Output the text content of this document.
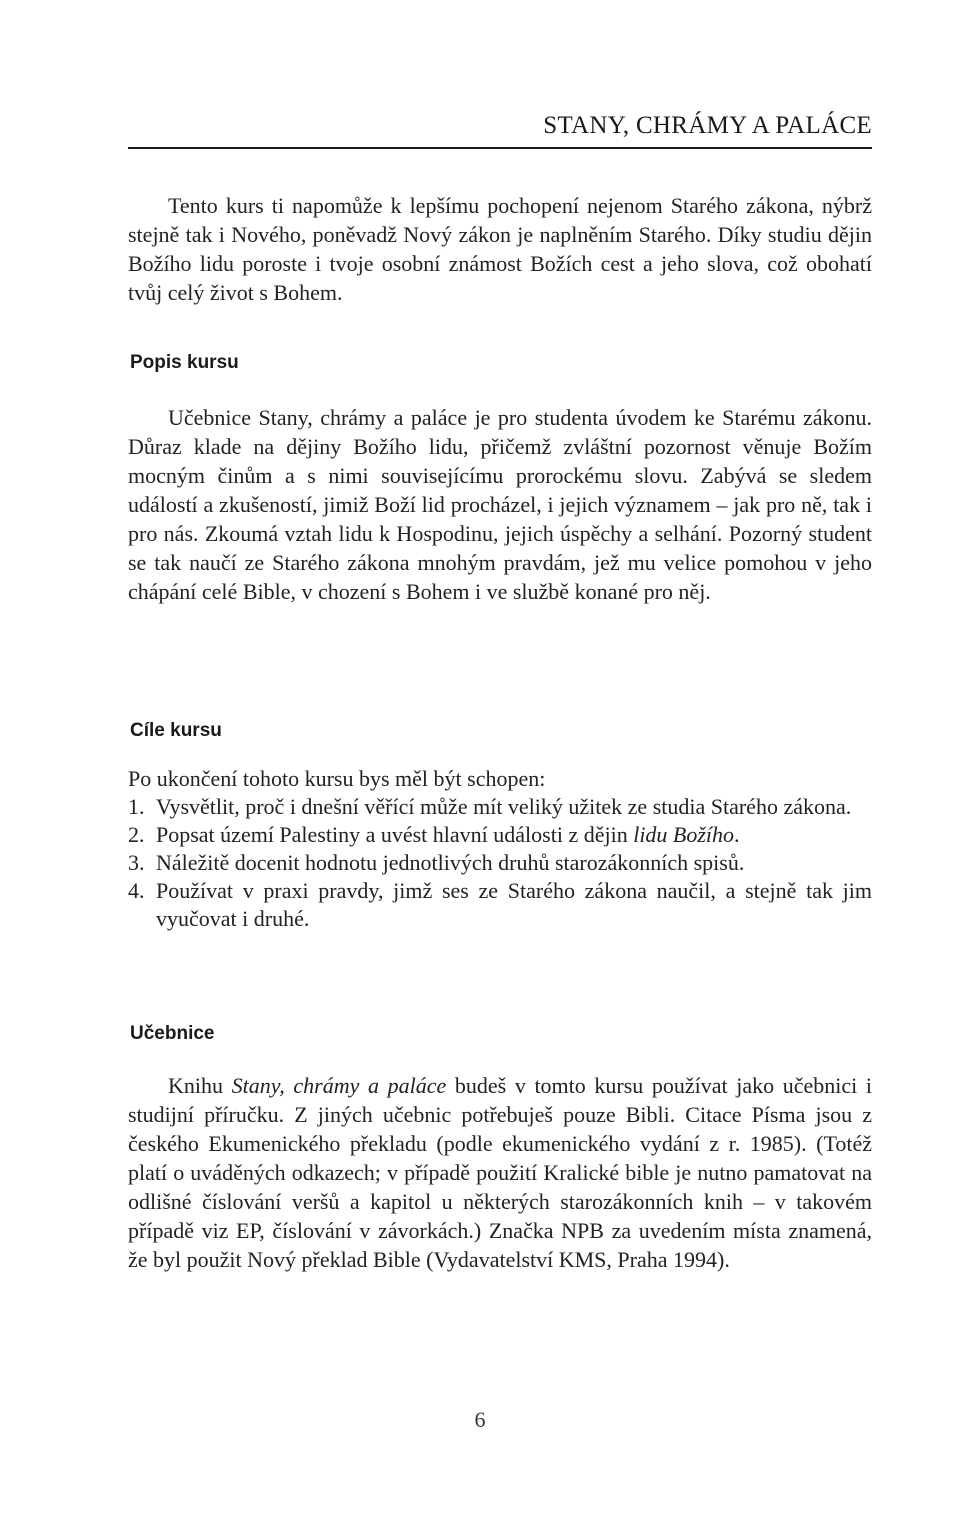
STANY, CHRÁMY A PALÁCE

Tento kurs ti napomůže k lepšímu pochopení nejenom Starého zákona, nýbrž stejně tak i Nového, poněvadž Nový zákon je naplněním Starého. Díky studiu dějin Božího lidu poroste i tvoje osobní známost Božích cest a jeho slova, což obohatí tvůj celý život s Bohem.

Popis kursu

Učebnice Stany, chrámy a paláce je pro studenta úvodem ke Starému zákonu. Důraz klade na dějiny Božího lidu, přičemž zvláštní pozornost věnuje Božím mocným činům a s nimi souvisejícímu prorockému slovu. Zabývá se sledem událostí a zkušeností, jimiž Boží lid procházel, i jejich významem – jak pro ně, tak i pro nás. Zkoumá vztah lidu k Hospodinu, jejich úspěchy a selhání. Pozorný student se tak naučí ze Starého zákona mnohým pravdám, jež mu velice pomohou v jeho chápání celé Bible, v chození s Bohem i ve službě konané pro něj.

Cíle kursu

Po ukončení tohoto kursu bys měl být schopen:

1. Vysvětlit, proč i dnešní věřící může mít veliký užitek ze studia Starého zákona.
2. Popsat území Palestiny a uvést hlavní události z dějin lidu Božího.
3. Náležitě docenit hodnotu jednotlivých druhů starozákonních spisů.
4. Používat v praxi pravdy, jimž ses ze Starého zákona naučil, a stejně tak jim vyučovat i druhé.
Učebnice

Knihu Stany, chrámy a paláce budeš v tomto kursu používat jako učebnici i studijní příručku. Z jiných učebnic potřebuješ pouze Bibli. Citace Písma jsou z českého Ekumenického překladu (podle ekumenického vydání z r. 1985). (Totéž platí o uváděných odkazech; v případě použití Kralické bible je nutno pamatovat na odlišné číslování veršů a kapitol u některých starozákonních knih – v takovém případě viz EP, číslování v závorkách.) Značka NPB za uvedením místa znamená, že byl použit Nový překlad Bible (Vydavatelství KMS, Praha 1994).

6
